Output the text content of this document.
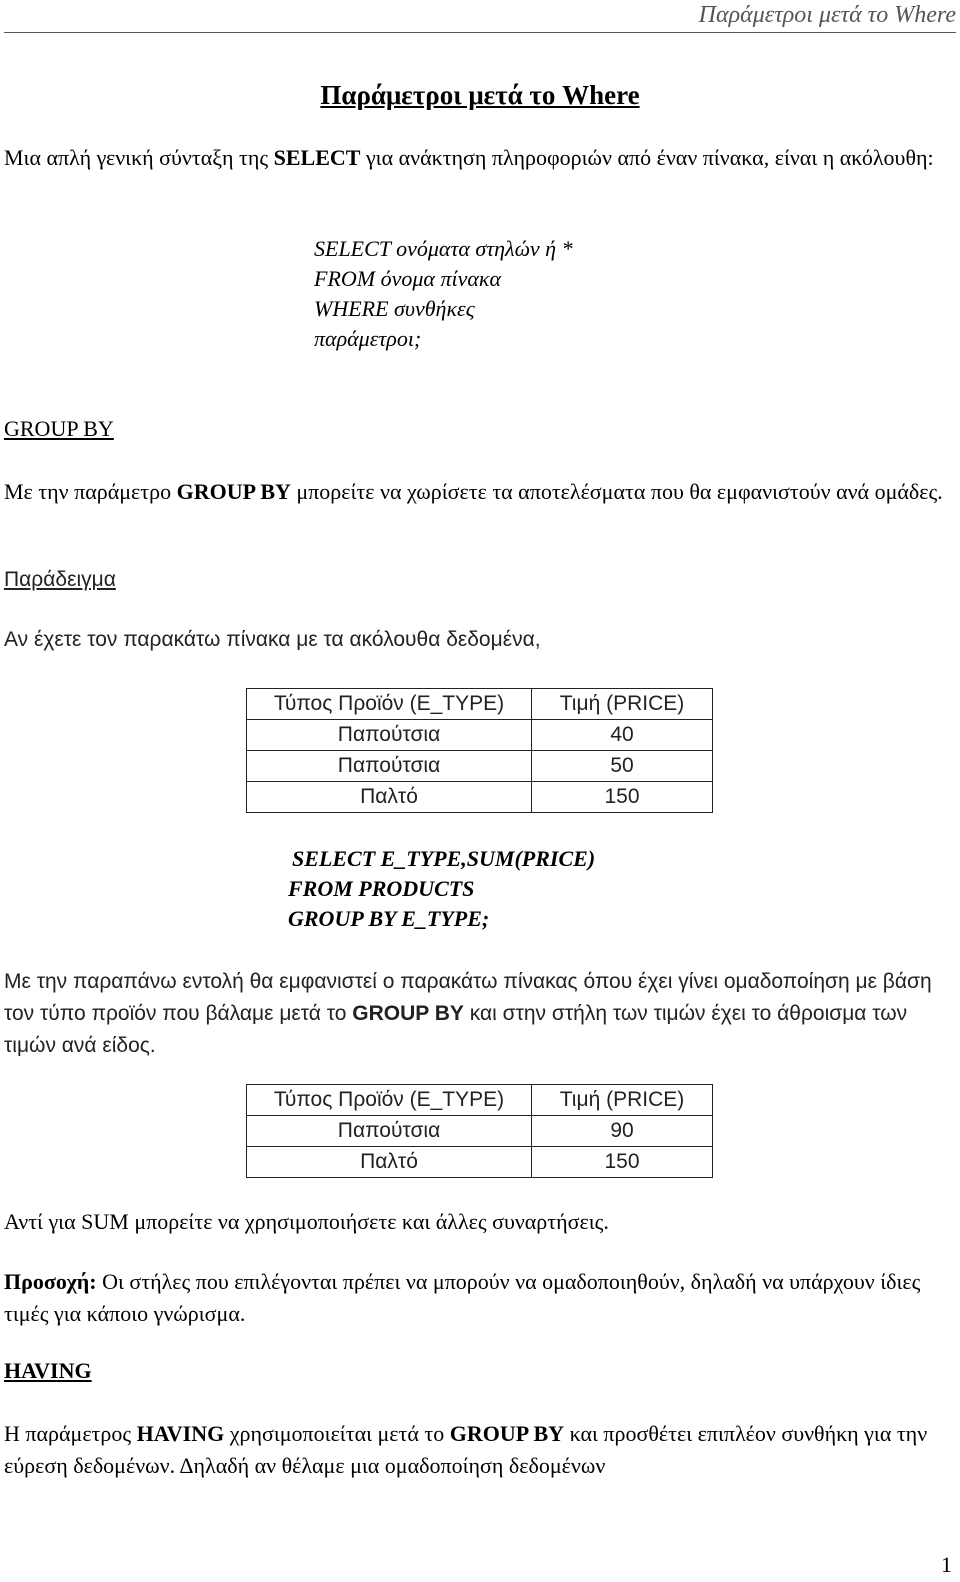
Παράμετροι μετά το Where
Παράμετροι μετά το Where

Μια απλή γενική σύνταξη της SELECT για ανάκτηση πληροφοριών από έναν πίνακα, είναι η ακόλουθη:

SELECT ονόματα στηλών ή *
FROM όνομα πίνακα
WHERE συνθήκες
παράμετροι;
GROUP BY

Με την παράμετρο GROUP BY μπορείτε να χωρίσετε τα αποτελέσματα που θα εμφανιστούν ανά ομάδες.

Παράδειγμα

Αν έχετε τον παρακάτω πίνακα με τα ακόλουθα δεδομένα,

Τύπος Προϊόν (E_TYPE)	Τιμή (PRICE)
Παπούτσια	40
Παπούτσια	50
Παλτό	150
SELECT E_TYPE,SUM(PRICE)
FROM PRODUCTS
GROUP BY E_TYPE;

Με την παραπάνω εντολή θα εμφανιστεί ο παρακάτω πίνακας όπου έχει γίνει ομαδοποίηση με βάση τον τύπο προϊόν που βάλαμε μετά το GROUP BY και στην στήλη των τιμών έχει το άθροισμα των τιμών ανά είδος.

Τύπος Προϊόν (E_TYPE)	Τιμή (PRICE)
Παπούτσια	90
Παλτό	150

Αντί για SUM μπορείτε να χρησιμοποιήσετε και άλλες συναρτήσεις.

Προσοχή: Οι στήλες που επιλέγονται πρέπει να μπορούν να ομαδοποιηθούν, δηλαδή να υπάρχουν ίδιες τιμές για κάποιο γνώρισμα.

HAVING

Η παράμετρος HAVING χρησιμοποιείται μετά το GROUP BY και προσθέτει επιπλέον συνθήκη για την εύρεση δεδομένων. Δηλαδή αν θέλαμε μια ομαδοποίηση δεδομένων

1
